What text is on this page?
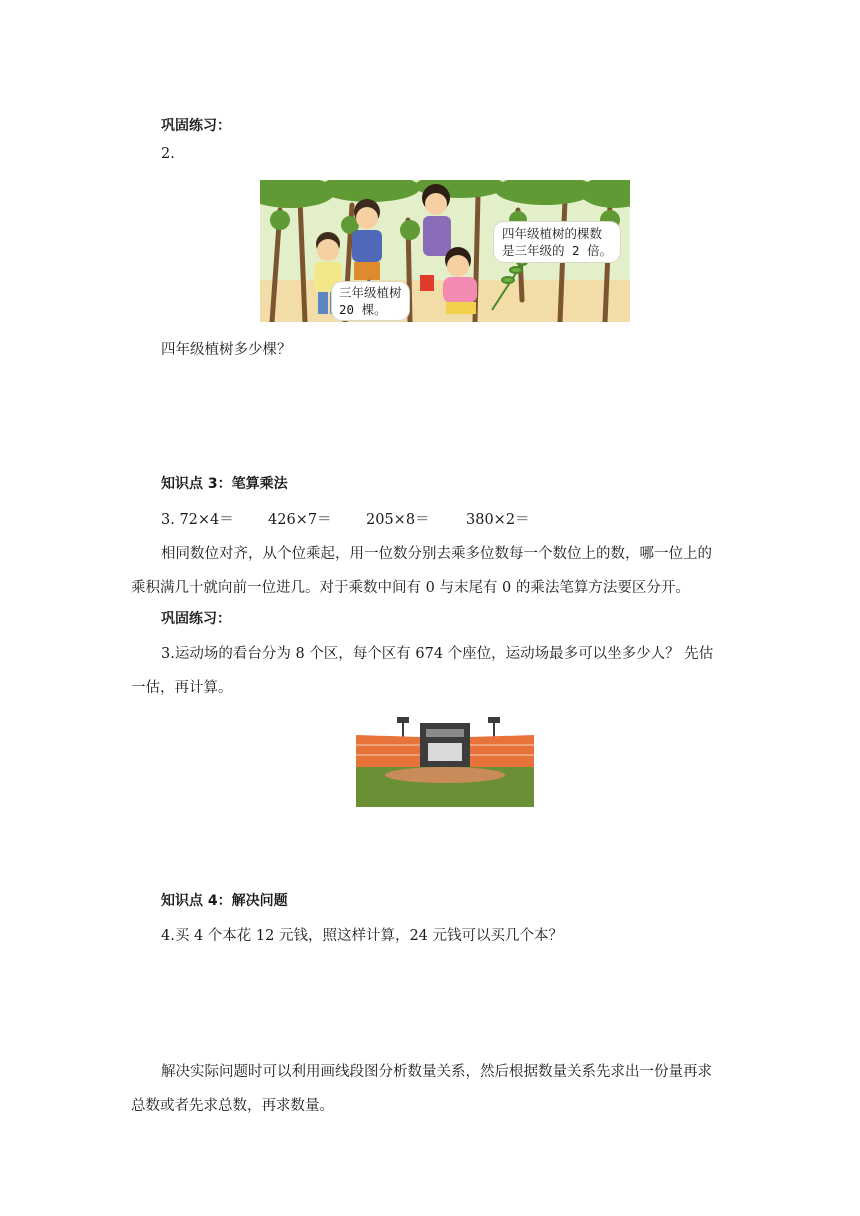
巩固练习：
2.
四年级植树的棵数
是三年级的 2 倍。
三年级植树
20 棵。
四年级植树多少棵？
知识点 3：笔算乘法
3. 72×4＝ 426×7＝ 205×8＝	380×2＝
相同数位对齐，从个位乘起，用一位数分别去乘多位数每一个数位上的数，哪一位上的
乘积满几十就向前一位进几。对于乘数中间有 0 与末尾有 0 的乘法笔算方法要区分开。
巩固练习：
3.运动场的看台分为 8 个区，每个区有 674 个座位，运动场最多可以坐多少人？ 先估
一估，再计算。
知识点 4：解决问题
4.买 4 个本花 12 元钱，照这样计算，24 元钱可以买几个本？
解决实际问题时可以利用画线段图分析数量关系，然后根据数量关系先求出一份量再求
总数或者先求总数，再求数量。
